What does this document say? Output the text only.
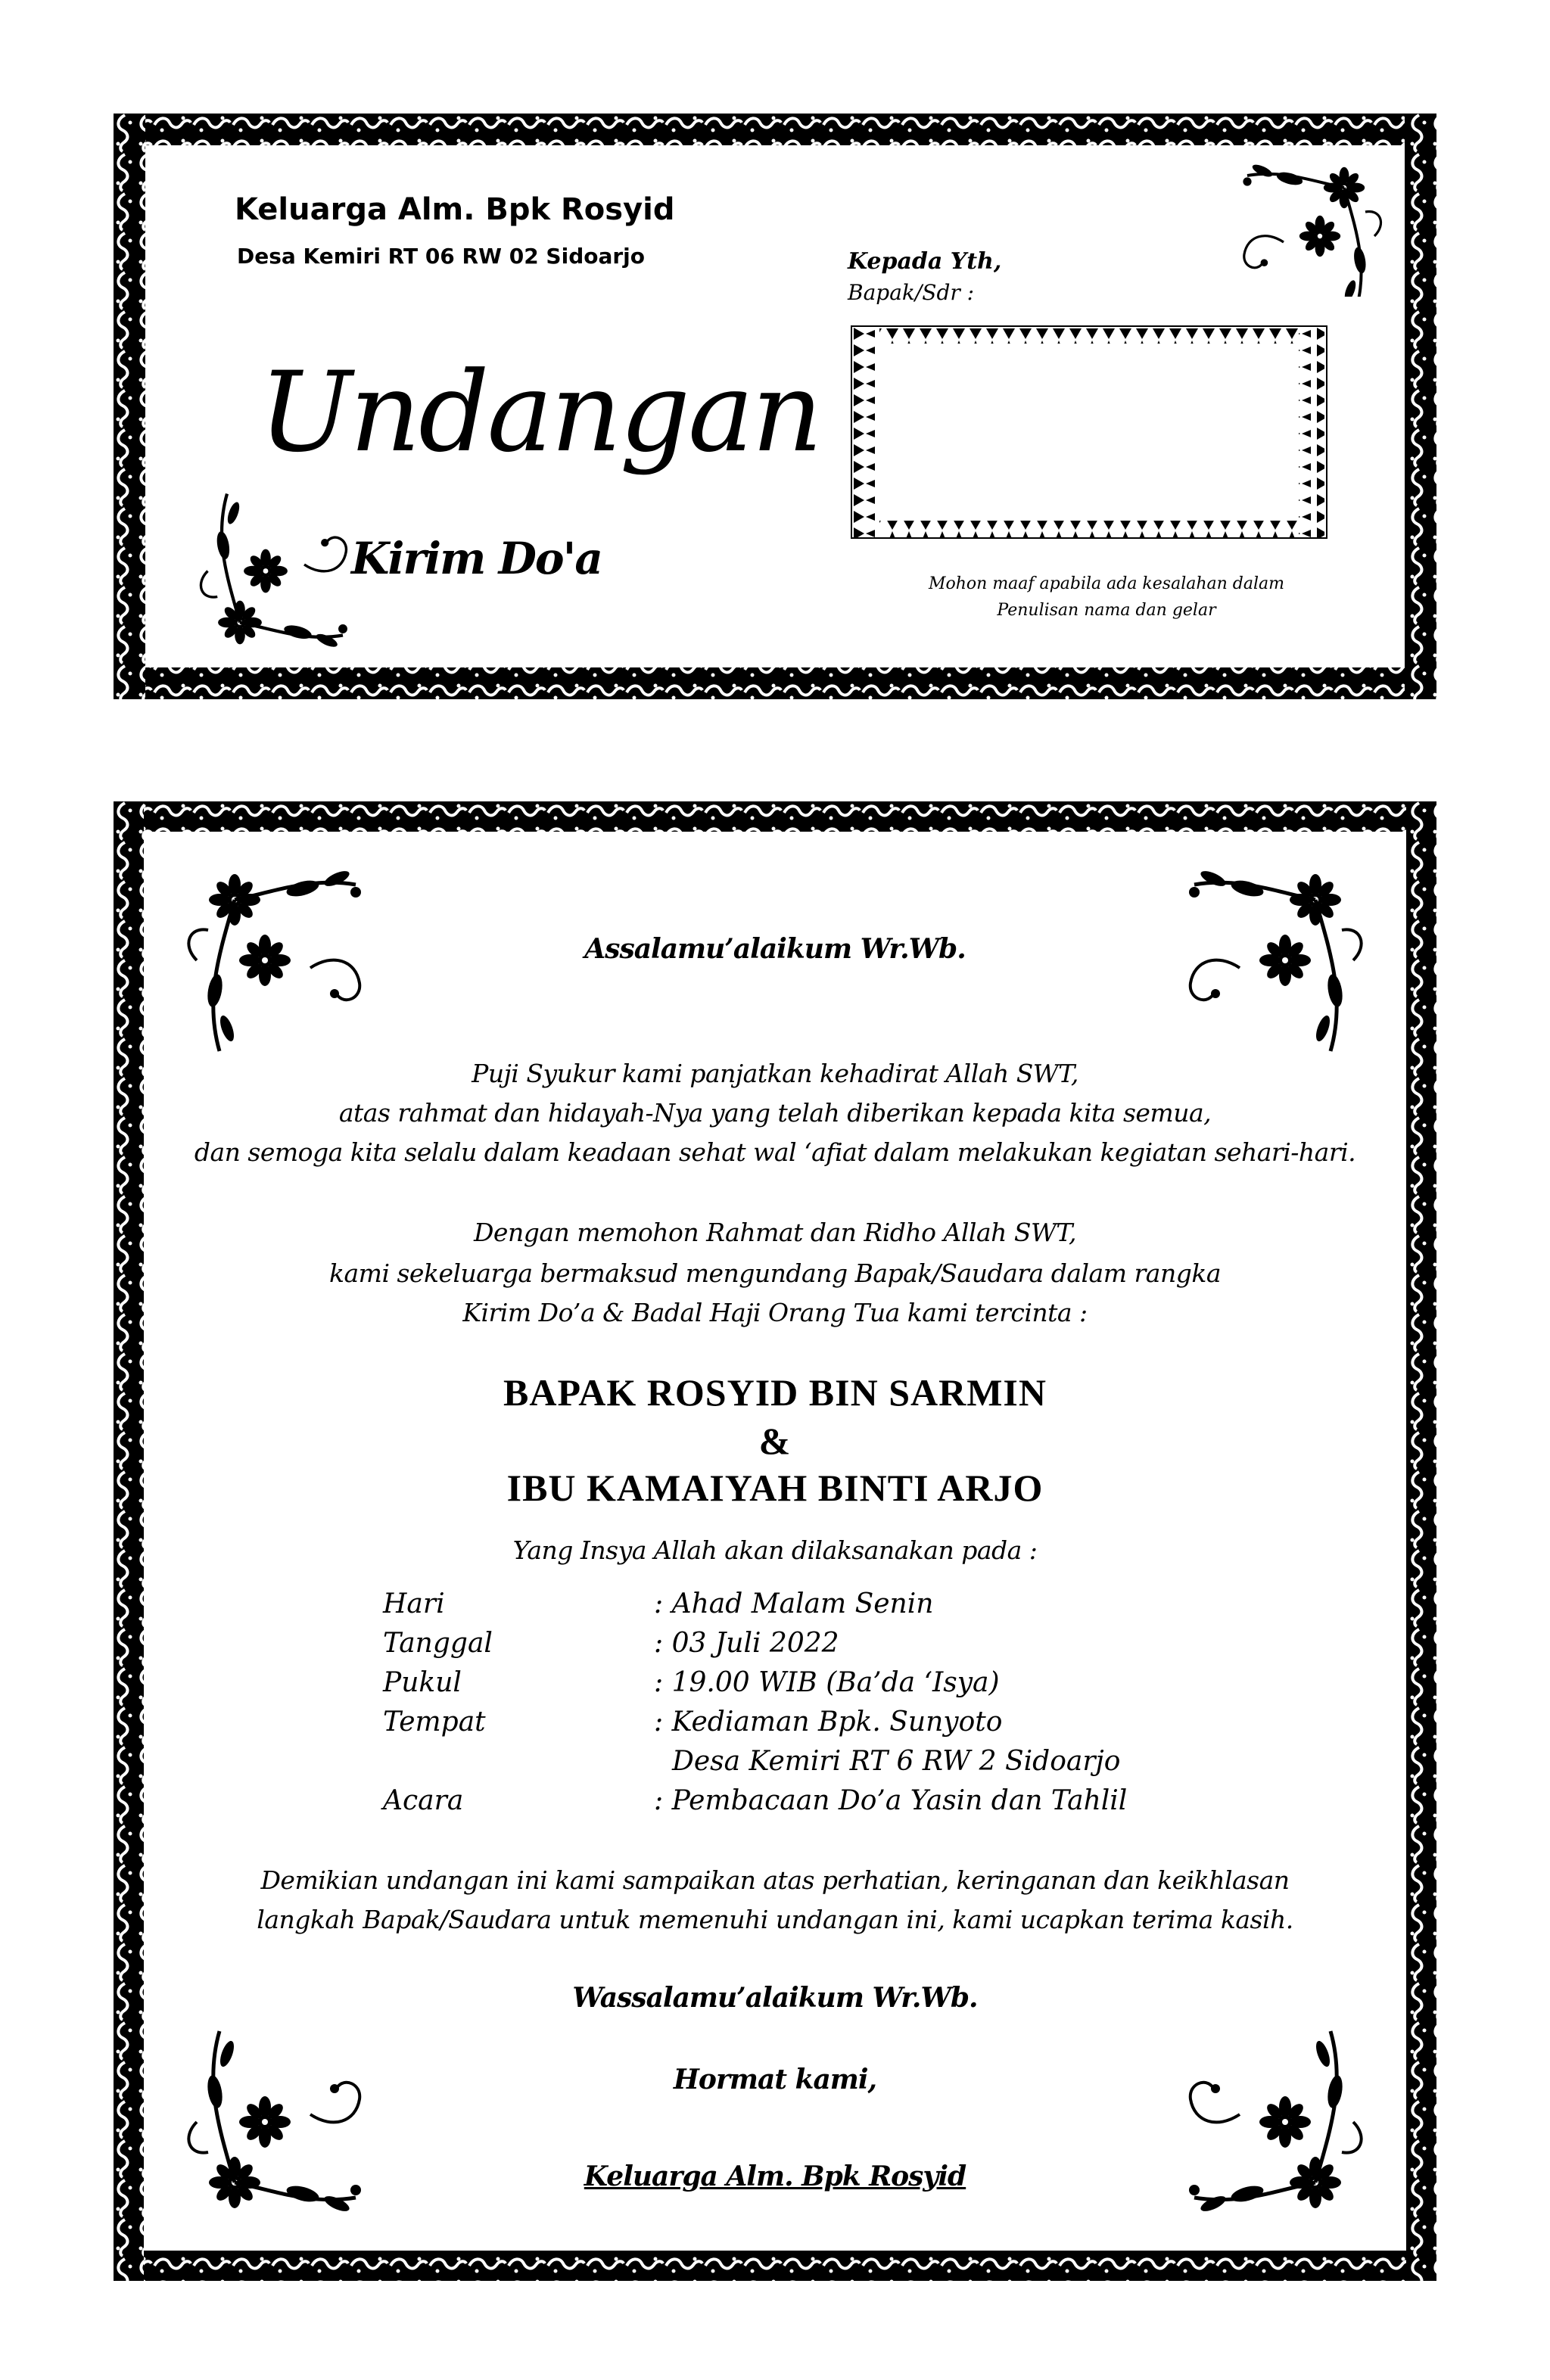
Keluarga Alm. Bpk Rosyid
Desa Kemiri RT 06 RW 02 Sidoarjo
Undangan
Kirim Do'a
Kepada Yth,
Bapak/Sdr :
Mohon maaf apabila ada kesalahan dalam
Penulisan nama dan gelar
Assalamu’alaikum Wr.Wb.
Puji Syukur kami panjatkan kehadirat Allah SWT,
atas rahmat dan hidayah-Nya yang telah diberikan kepada kita semua,
dan semoga kita selalu dalam keadaan sehat wal ‘afiat dalam melakukan kegiatan sehari-hari.
Dengan memohon Rahmat dan Ridho Allah SWT,
kami sekeluarga bermaksud mengundang Bapak/Saudara dalam rangka
Kirim Do’a & Badal Haji Orang Tua kami tercinta :
BAPAK ROSYID BIN SARMIN
&
IBU KAMAIYAH BINTI ARJO
Yang Insya Allah akan dilaksanakan pada :
Hari	: Ahad Malam Senin
Tanggal	: 03 Juli 2022
Pukul	: 19.00 WIB (Ba’da ‘Isya)
Tempat	: Kediaman Bpk. Sunyoto
Desa Kemiri RT 6 RW 2 Sidoarjo
Acara	: Pembacaan Do’a Yasin dan Tahlil
Demikian undangan ini kami sampaikan atas perhatian, keringanan dan keikhlasan
langkah Bapak/Saudara untuk memenuhi undangan ini, kami ucapkan terima kasih.
Wassalamu’alaikum Wr.Wb.
Hormat kami,
Keluarga Alm. Bpk Rosyid
